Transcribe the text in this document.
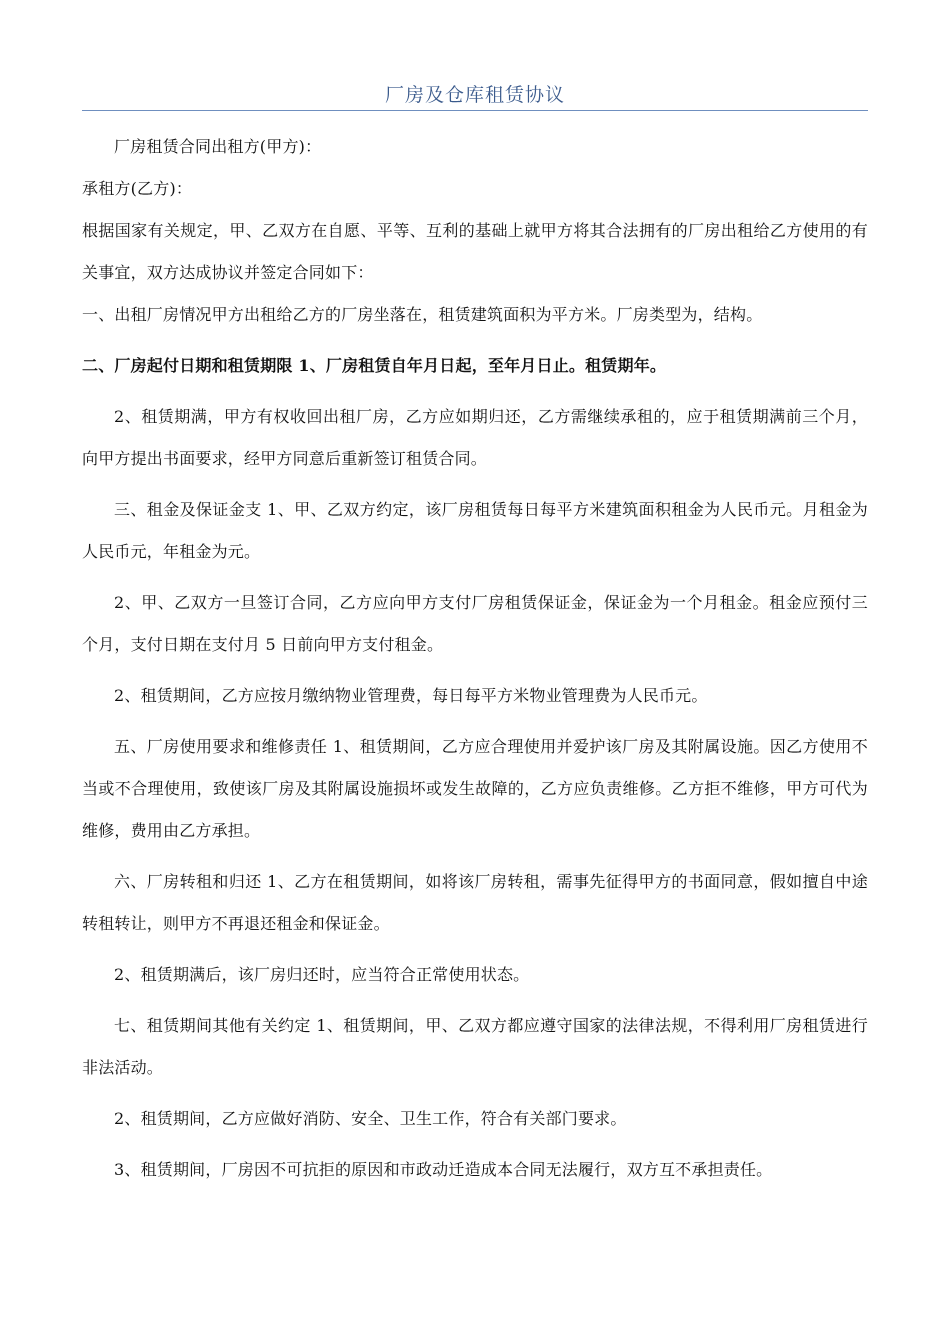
厂房及仓库租赁协议

厂房租赁合同出租方(甲方)：

承租方(乙方)：

根据国家有关规定，甲、乙双方在自愿、平等、互利的基础上就甲方将其合法拥有的厂房出租给乙方使用的有关事宜，双方达成协议并签定合同如下：

一、出租厂房情况甲方出租给乙方的厂房坐落在，租赁建筑面积为平方米。厂房类型为，结构。

二、厂房起付日期和租赁期限 1、厂房租赁自年月日起，至年月日止。租赁期年。

2、租赁期满，甲方有权收回出租厂房，乙方应如期归还，乙方需继续承租的，应于租赁期满前三个月，向甲方提出书面要求，经甲方同意后重新签订租赁合同。

三、租金及保证金支 1、甲、乙双方约定，该厂房租赁每日每平方米建筑面积租金为人民币元。月租金为人民币元，年租金为元。

2、甲、乙双方一旦签订合同，乙方应向甲方支付厂房租赁保证金，保证金为一个月租金。租金应预付三个月，支付日期在支付月 5 日前向甲方支付租金。

2、租赁期间，乙方应按月缴纳物业管理费，每日每平方米物业管理费为人民币元。

五、厂房使用要求和维修责任 1、租赁期间，乙方应合理使用并爱护该厂房及其附属设施。因乙方使用不当或不合理使用，致使该厂房及其附属设施损坏或发生故障的，乙方应负责维修。乙方拒不维修，甲方可代为维修，费用由乙方承担。

六、厂房转租和归还 1、乙方在租赁期间，如将该厂房转租，需事先征得甲方的书面同意，假如擅自中途转租转让，则甲方不再退还租金和保证金。

2、租赁期满后，该厂房归还时，应当符合正常使用状态。

七、租赁期间其他有关约定 1、租赁期间，甲、乙双方都应遵守国家的法律法规，不得利用厂房租赁进行非法活动。

2、租赁期间，乙方应做好消防、安全、卫生工作，符合有关部门要求。

3、租赁期间，厂房因不可抗拒的原因和市政动迁造成本合同无法履行，双方互不承担责任。
